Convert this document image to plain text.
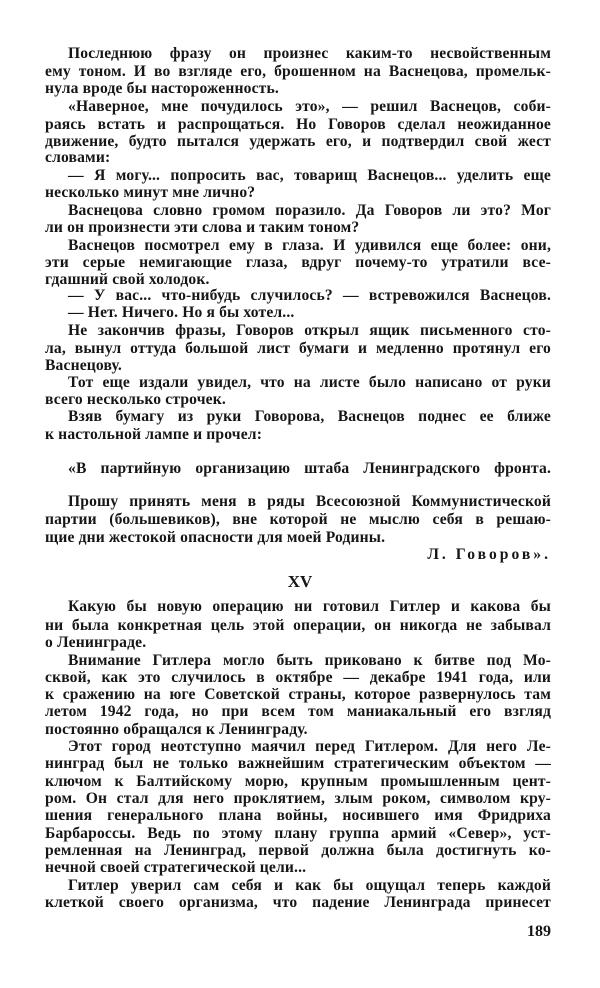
Последнюю фразу он произнес каким-то несвойственным
ему тоном. И во взгляде его, брошенном на Васнецова, промельк-
нула вроде бы настороженность.
«Наверное, мне почудилось это», — решил Васнецов, соби-
раясь встать и распрощаться. Но Говоров сделал неожиданное
движение, будто пытался удержать его, и подтвердил свой жест
словами:
— Я могу... попросить вас, товарищ Васнецов... уделить еще
несколько минут мне лично?
Васнецова словно громом поразило. Да Говоров ли это? Мог
ли он произнести эти слова и таким тоном?
Васнецов посмотрел ему в глаза. И удивился еще более: они,
эти серые немигающие глаза, вдруг почему-то утратили все-
гдашний свой холодок.
— У вас... что-нибудь случилось? — встревожился Васнецов.
— Нет. Ничего. Но я бы хотел...
Не закончив фразы, Говоров открыл ящик письменного сто-
ла, вынул оттуда большой лист бумаги и медленно протянул его
Васнецову.
Тот еще издали увидел, что на листе было написано от руки
всего несколько строчек.
Взяв бумагу из руки Говорова, Васнецов поднес ее ближе
к настольной лампе и прочел:
«В партийную организацию штаба Ленинградского фронта.
Прошу принять меня в ряды Всесоюзной Коммунистической
партии (большевиков), вне которой не мыслю себя в решаю-
щие дни жестокой опасности для моей Родины.
Л. Говоров».
Какую бы новую операцию ни готовил Гитлер и какова бы
ни была конкретная цель этой операции, он никогда не забывал
о Ленинграде.
Внимание Гитлера могло быть приковано к битве под Мо-
сквой, как это случилось в октябре — декабре 1941 года, или
к сражению на юге Советской страны, которое развернулось там
летом 1942 года, но при всем том маниакальный его взгляд
постоянно обращался к Ленинграду.
Этот город неотступно маячил перед Гитлером. Для него Ле-
нинград был не только важнейшим стратегическим объектом —
ключом к Балтийскому морю, крупным промышленным цент-
ром. Он стал для него проклятием, злым роком, символом кру-
шения генерального плана войны, носившего имя Фридриха
Барбароссы. Ведь по этому плану группа армий «Север», уст-
ремленная на Ленинград, первой должна была достигнуть ко-
нечной своей стратегической цели...
Гитлер уверил сам себя и как бы ощущал теперь каждой
клеткой своего организма, что падение Ленинграда принесет
XV
189
